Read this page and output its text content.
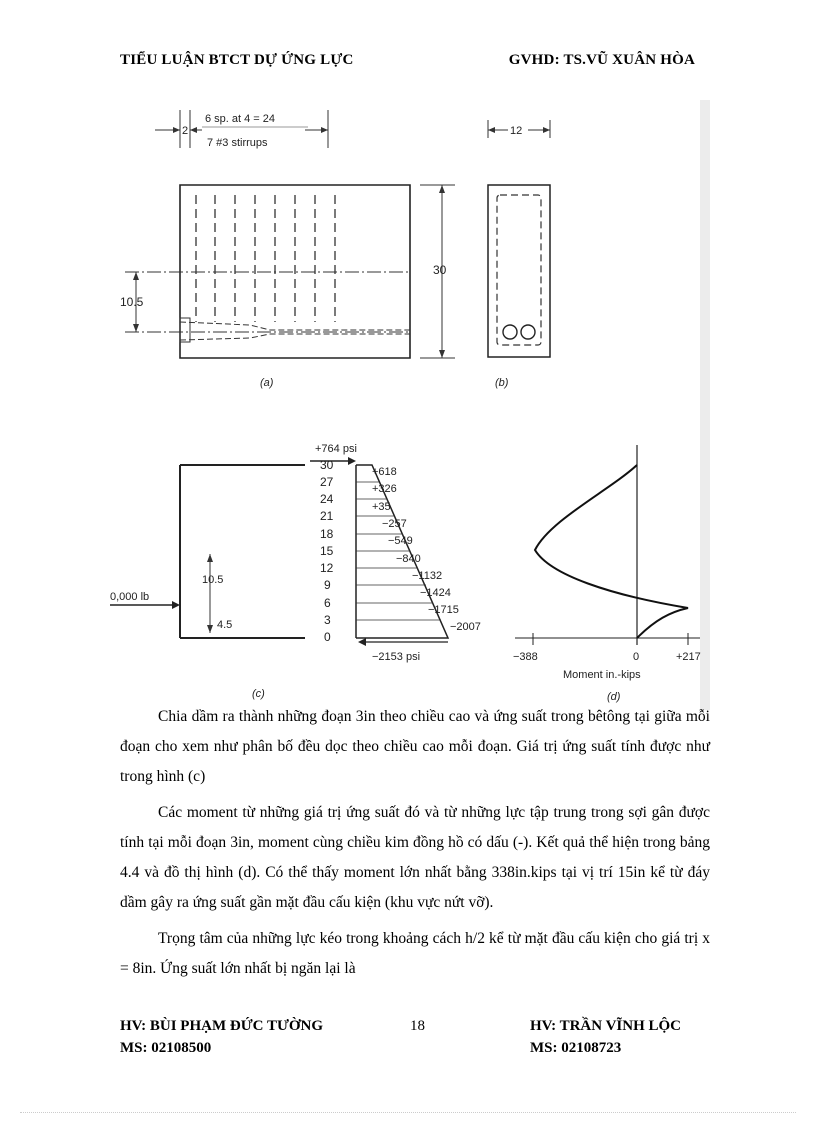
TIỂU LUẬN BTCT DỰ ỨNG LỰC	GVHD: TS.VŨ XUÂN HÒA
2
6 sp. at 4 = 24
7 #3 stirrups
10.5
30
(a)
12
(b)
+764 psi
30
27
24
21
18
15
12
9
6
3
0
+618
+326
+35
−257
−549
−840
−1132
−1424
−1715
−2007
−2153 psi
10.5
4.5
0,000 lb
(c)
−388	0	+217
Moment in.-kips
(d)

Chia dầm ra thành những đoạn 3in theo chiều cao và ứng suất trong bêtông tại giữa mỗi đoạn cho xem như phân bố đều dọc theo chiều cao mỗi đoạn. Giá trị ứng suất tính được như trong hình (c)

Các moment từ những giá trị ứng suất đó và từ những lực tập trung trong sợi gân được tính tại mỗi đoạn 3in, moment cùng chiều kim đồng hồ có dấu (-). Kết quả thể hiện trong bảng 4.4 và đồ thị hình (d). Có thể thấy moment lớn nhất bằng 338in.kips tại vị trí 15in kể từ đáy dầm gây ra ứng suất gần mặt đầu cấu kiện (khu vực nứt vỡ).

Trọng tâm của những lực kéo trong khoảng cách h/2 kể từ mặt đầu cấu kiện cho giá trị x = 8in. Ứng suất lớn nhất bị ngăn lại là

HV: BÙI PHẠM ĐỨC TƯỜNG
MS: 02108500
18	HV: TRẦN VĨNH LỘC
MS: 02108723
